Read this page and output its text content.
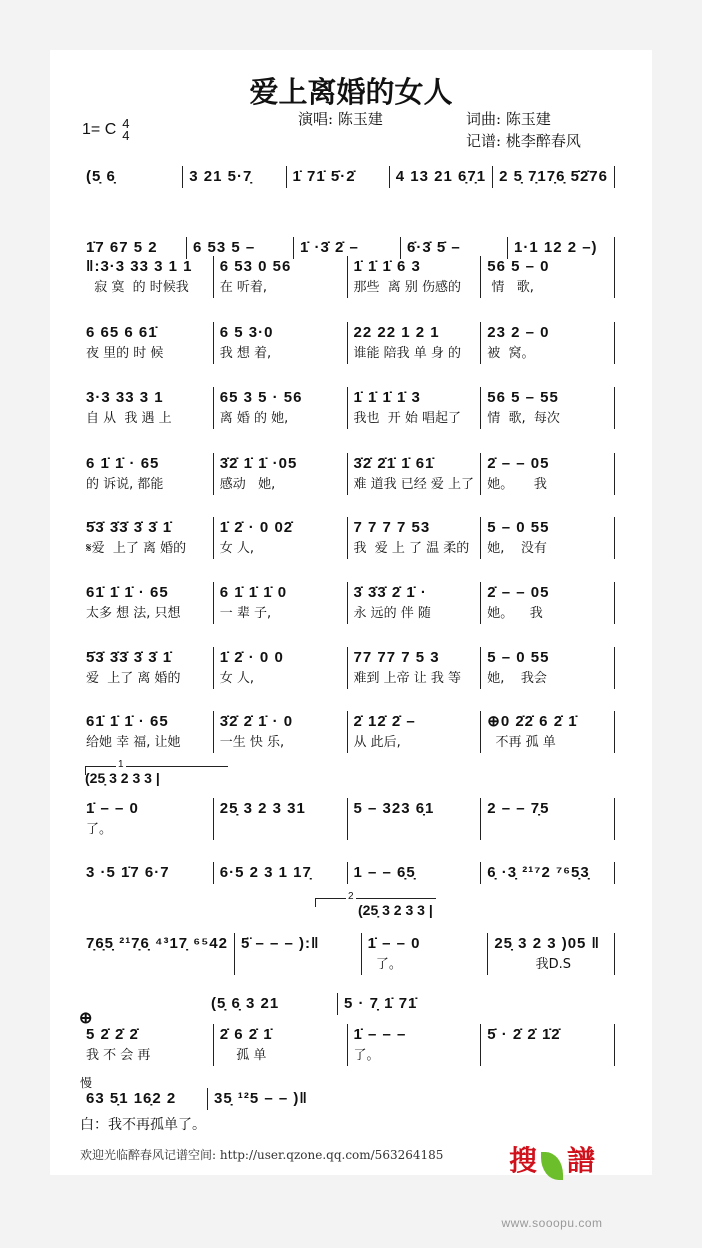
爱上离婚的女人
1= C 4
4
演唱: 陈玉建	词曲: 陈玉建
记谱: 桃李醉春风
(5̣ 6̣	3 21 5·7̣	1̇ 71̇ 5̇·2̇	4 13 21 6̣7̣1 2 5̣ 7̣17̣6̣ 5̇2̇76
1̇7 67 5 2	6 53 5 –	1̇ ·3̇ 2̇ –	6̇·3̇ 5̇ –	1·1 12 2 –)
‖:3·3 33 3 1 1
寂 寞  的 时候我
6 53 0 56
在 听着,
1̇ 1̇ 1̇ 6 3
那些  离 别 伤感的
56 5 – 0
情   歌,
6 65 6 61̇
夜 里的 时 候
6 5 3·0
我 想 着,
22 22 1 2 1
谁能 陪我 单 身 的
23 2 – 0
被  窝。
3·3 33 3 1
自 从  我 遇 上
65 3 5 · 56
离 婚 的 她,
1̇ 1̇ 1̇ 1̇ 3
我也  开 始 唱起了
56 5 – 55
情  歌,  每次
6 1̇ 1̇ · 65
的 诉说, 都能
3̇2̇ 1̇ 1̇ ·05
感动   她,
3̇2̇ 2̇1̇ 1̇ 61̇
难 道我 已经 爱 上了
2̇ – – 05
她。     我
5̇3̇ 3̇3̇ 3̇ 3̇ 1̇
𝄋爱  上了 离 婚的
1̇ 2̇ · 0 02̇
女 人,
7 7 7 7 53
我  爱 上 了 温 柔的
5 – 0 55
她,    没有
61̇ 1̇ 1̇ · 65
太多 想 法, 只想
6 1̇ 1̇ 1̇ 0
一 辈 子,
3̇ 3̇3̇ 2̇ 1̇ ·
永 远的 伴 随
2̇ – – 05
她。    我
5̇3̇ 3̇3̇ 3̇ 3̇ 1̇
爱  上了 离 婚的
1̇ 2̇ · 0 0
女 人,
77 77 7 5 3
难到 上帝 让 我 等
5 – 0 55
她,    我会
61̇ 1̇ 1̇ · 65
给她 幸 福, 让她
3̇2̇ 2̇ 1̇ · 0
一生 快 乐,
2̇ 12̇ 2̇ –
从 此后,
⊕0 2̇2̇ 6 2̇ 1̇
不再 孤 单
1̇ – – 0
了。
25̣ 3 2 3 31	5 – 323 6̣1	2 – – 7̣5
3 ·5 1̇7 6·7	6·5 2 3 1 17̣	1 – – 6̣5̣	6̣ ·3̣ ²¹⁷2 ⁷⁶5̣3̣
7̣6̣5̣ ²¹7̣6̣ ⁴³17̣ ⁶⁵42 5̈ – – – ):‖	1̇ – – 0
了。
25̣ 3 2 3 )05 ‖
我D.S
(5̣ 6̣ 3 21	5 · 7̣ 1̇ 71̇
5 2̇ 2̇ 2̇
我 不 会 再
2̇ 6 2̇ 1̇
孤 单
1̇ – – –
了。
5̇ · 2̇ 2̇ 1̇2̇
63 5̣1 16̣2 2	35̣ ¹²5 – – )‖
1
(25̣ 3 2 3 3 |
2
(25̣ 3 2 3 3 |
⊕
慢
白：我不再孤单了。
欢迎光临醉春风记谱空间: http://user.qzone.qq.com/563264185

	搜 譜

www.sooopu.com
